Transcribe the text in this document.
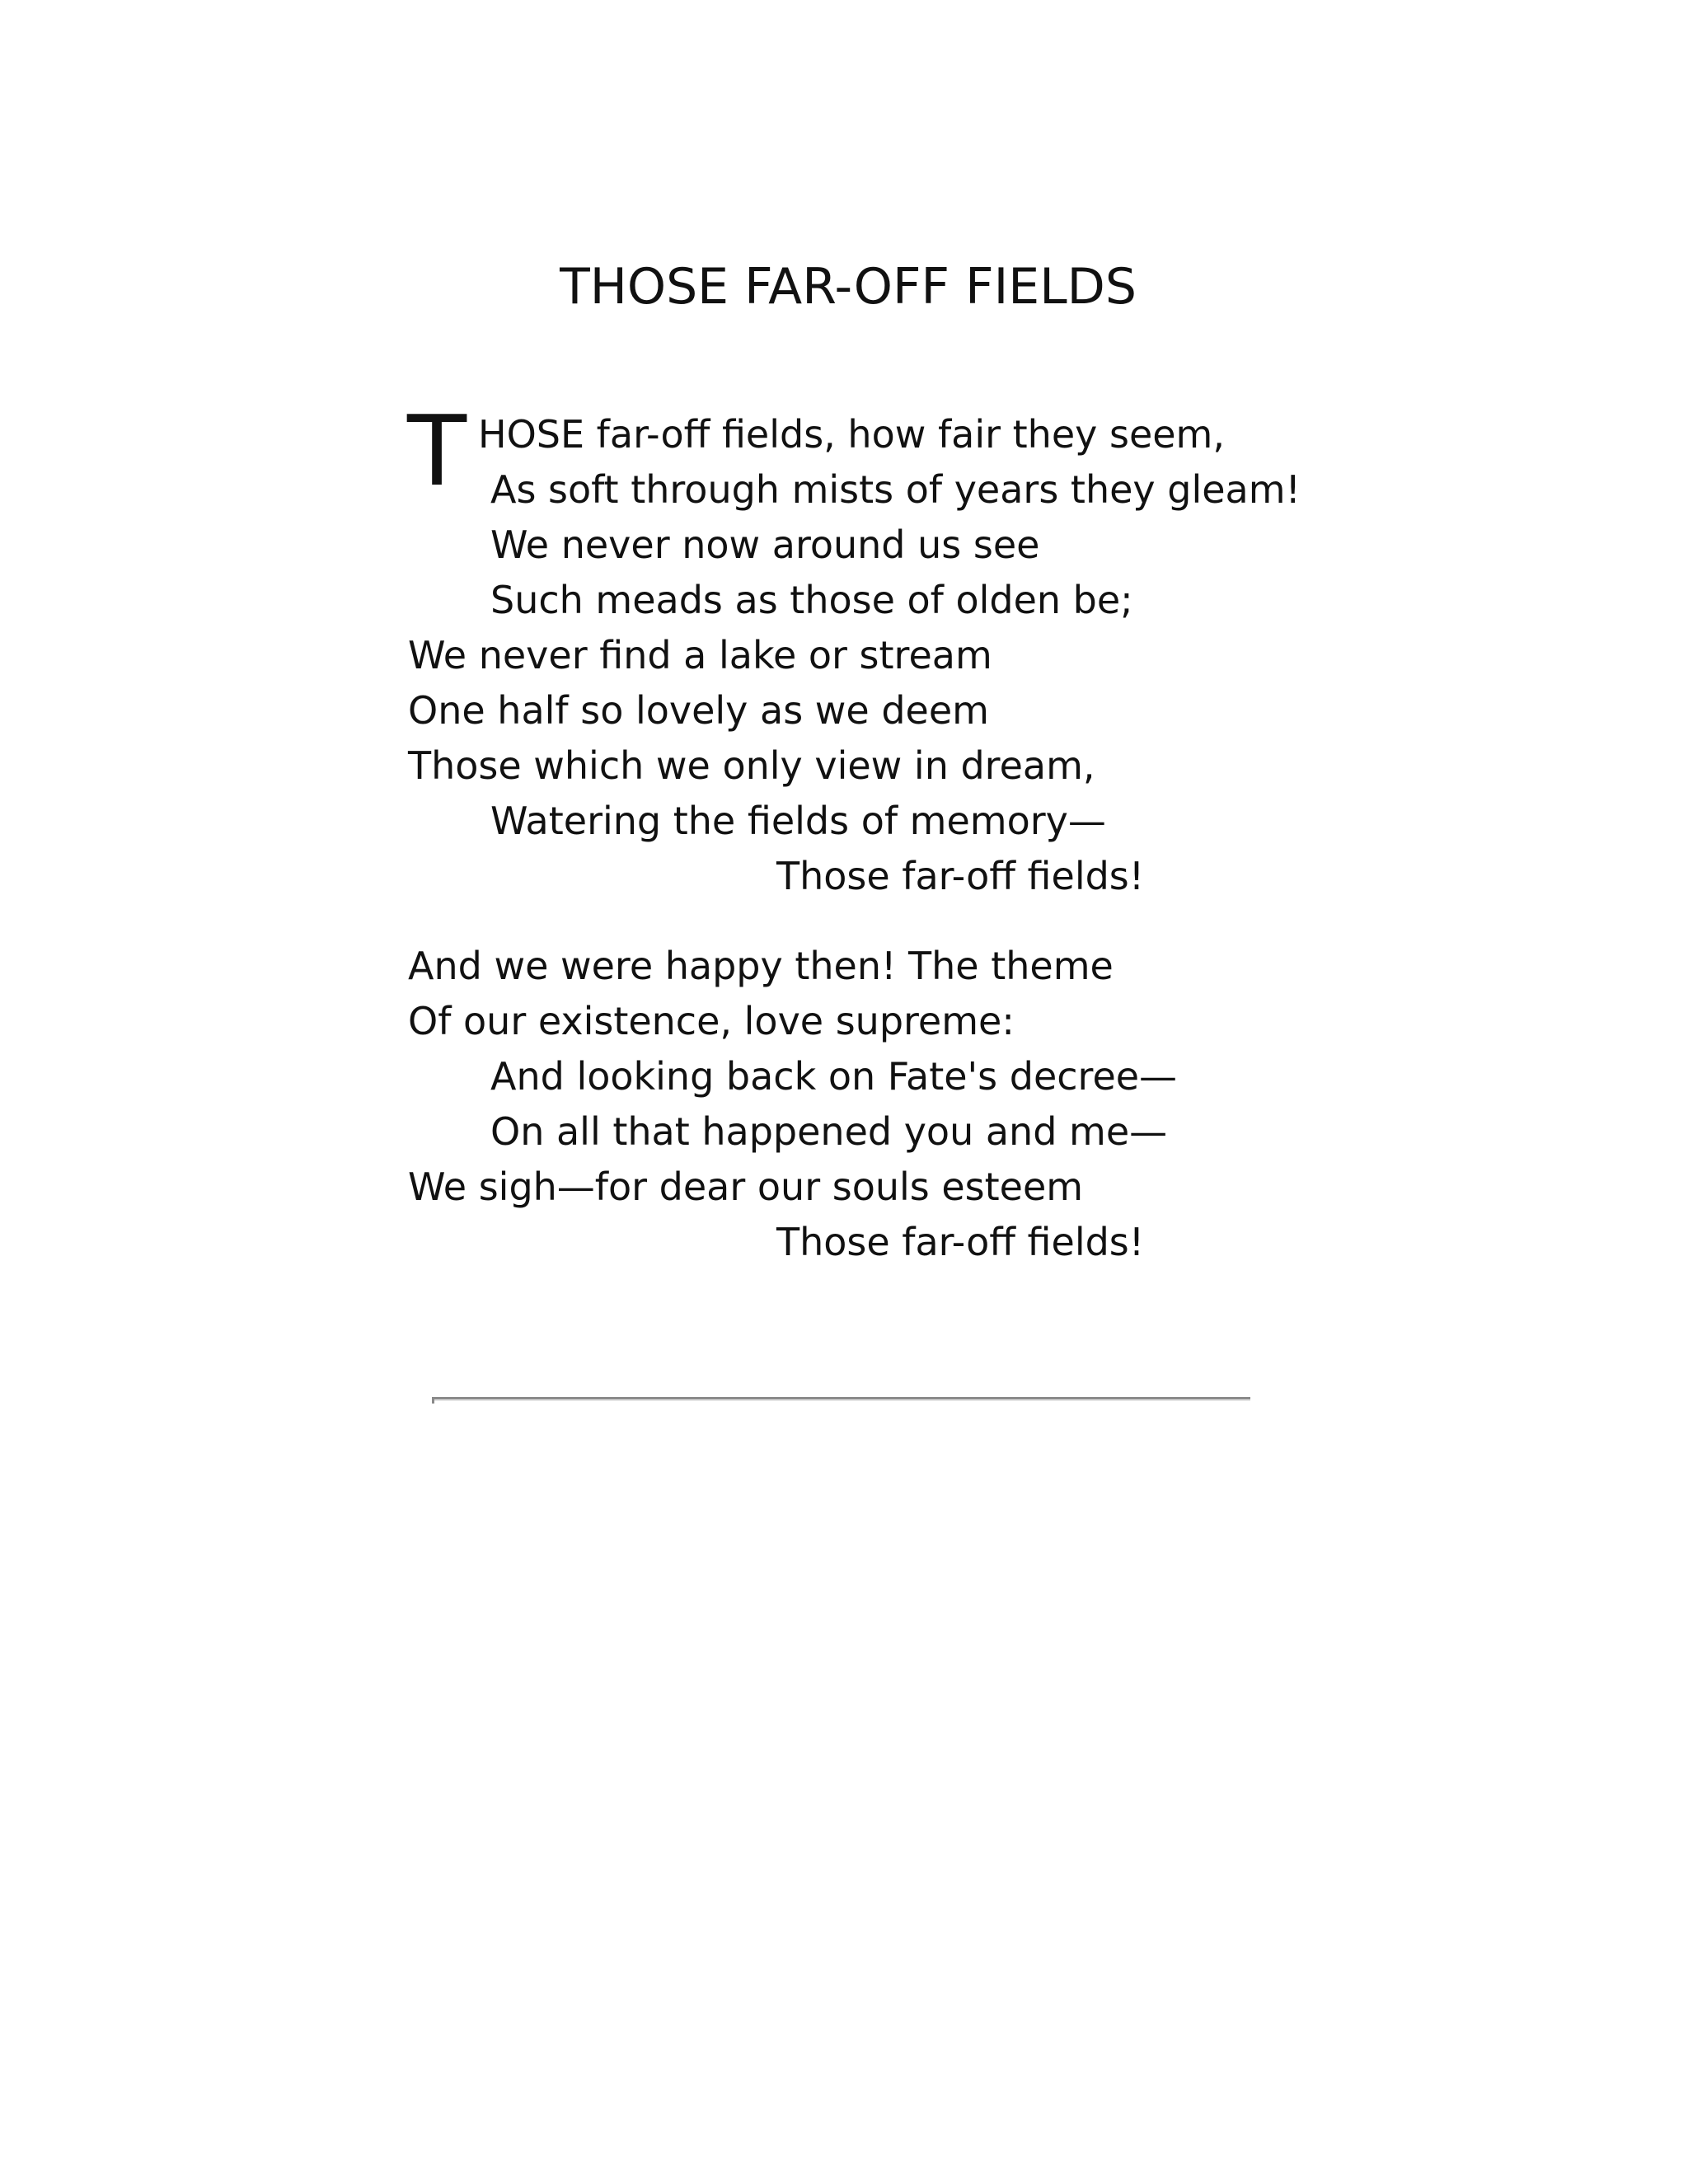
THOSE FAR-OFF FIELDS
T HOSE far-off fields, how fair they seem,
As soft through mists of years they gleam!
We never now around us see
Such meads as those of olden be;
We never find a lake or stream
One half so lovely as we deem
Those which we only view in dream,
Watering the fields of memory—
Those far-off fields!
And we were happy then! The theme
Of our existence, love supreme:
And looking back on Fate's decree—
On all that happened you and me—
We sigh—for dear our souls esteem
Those far-off fields!
